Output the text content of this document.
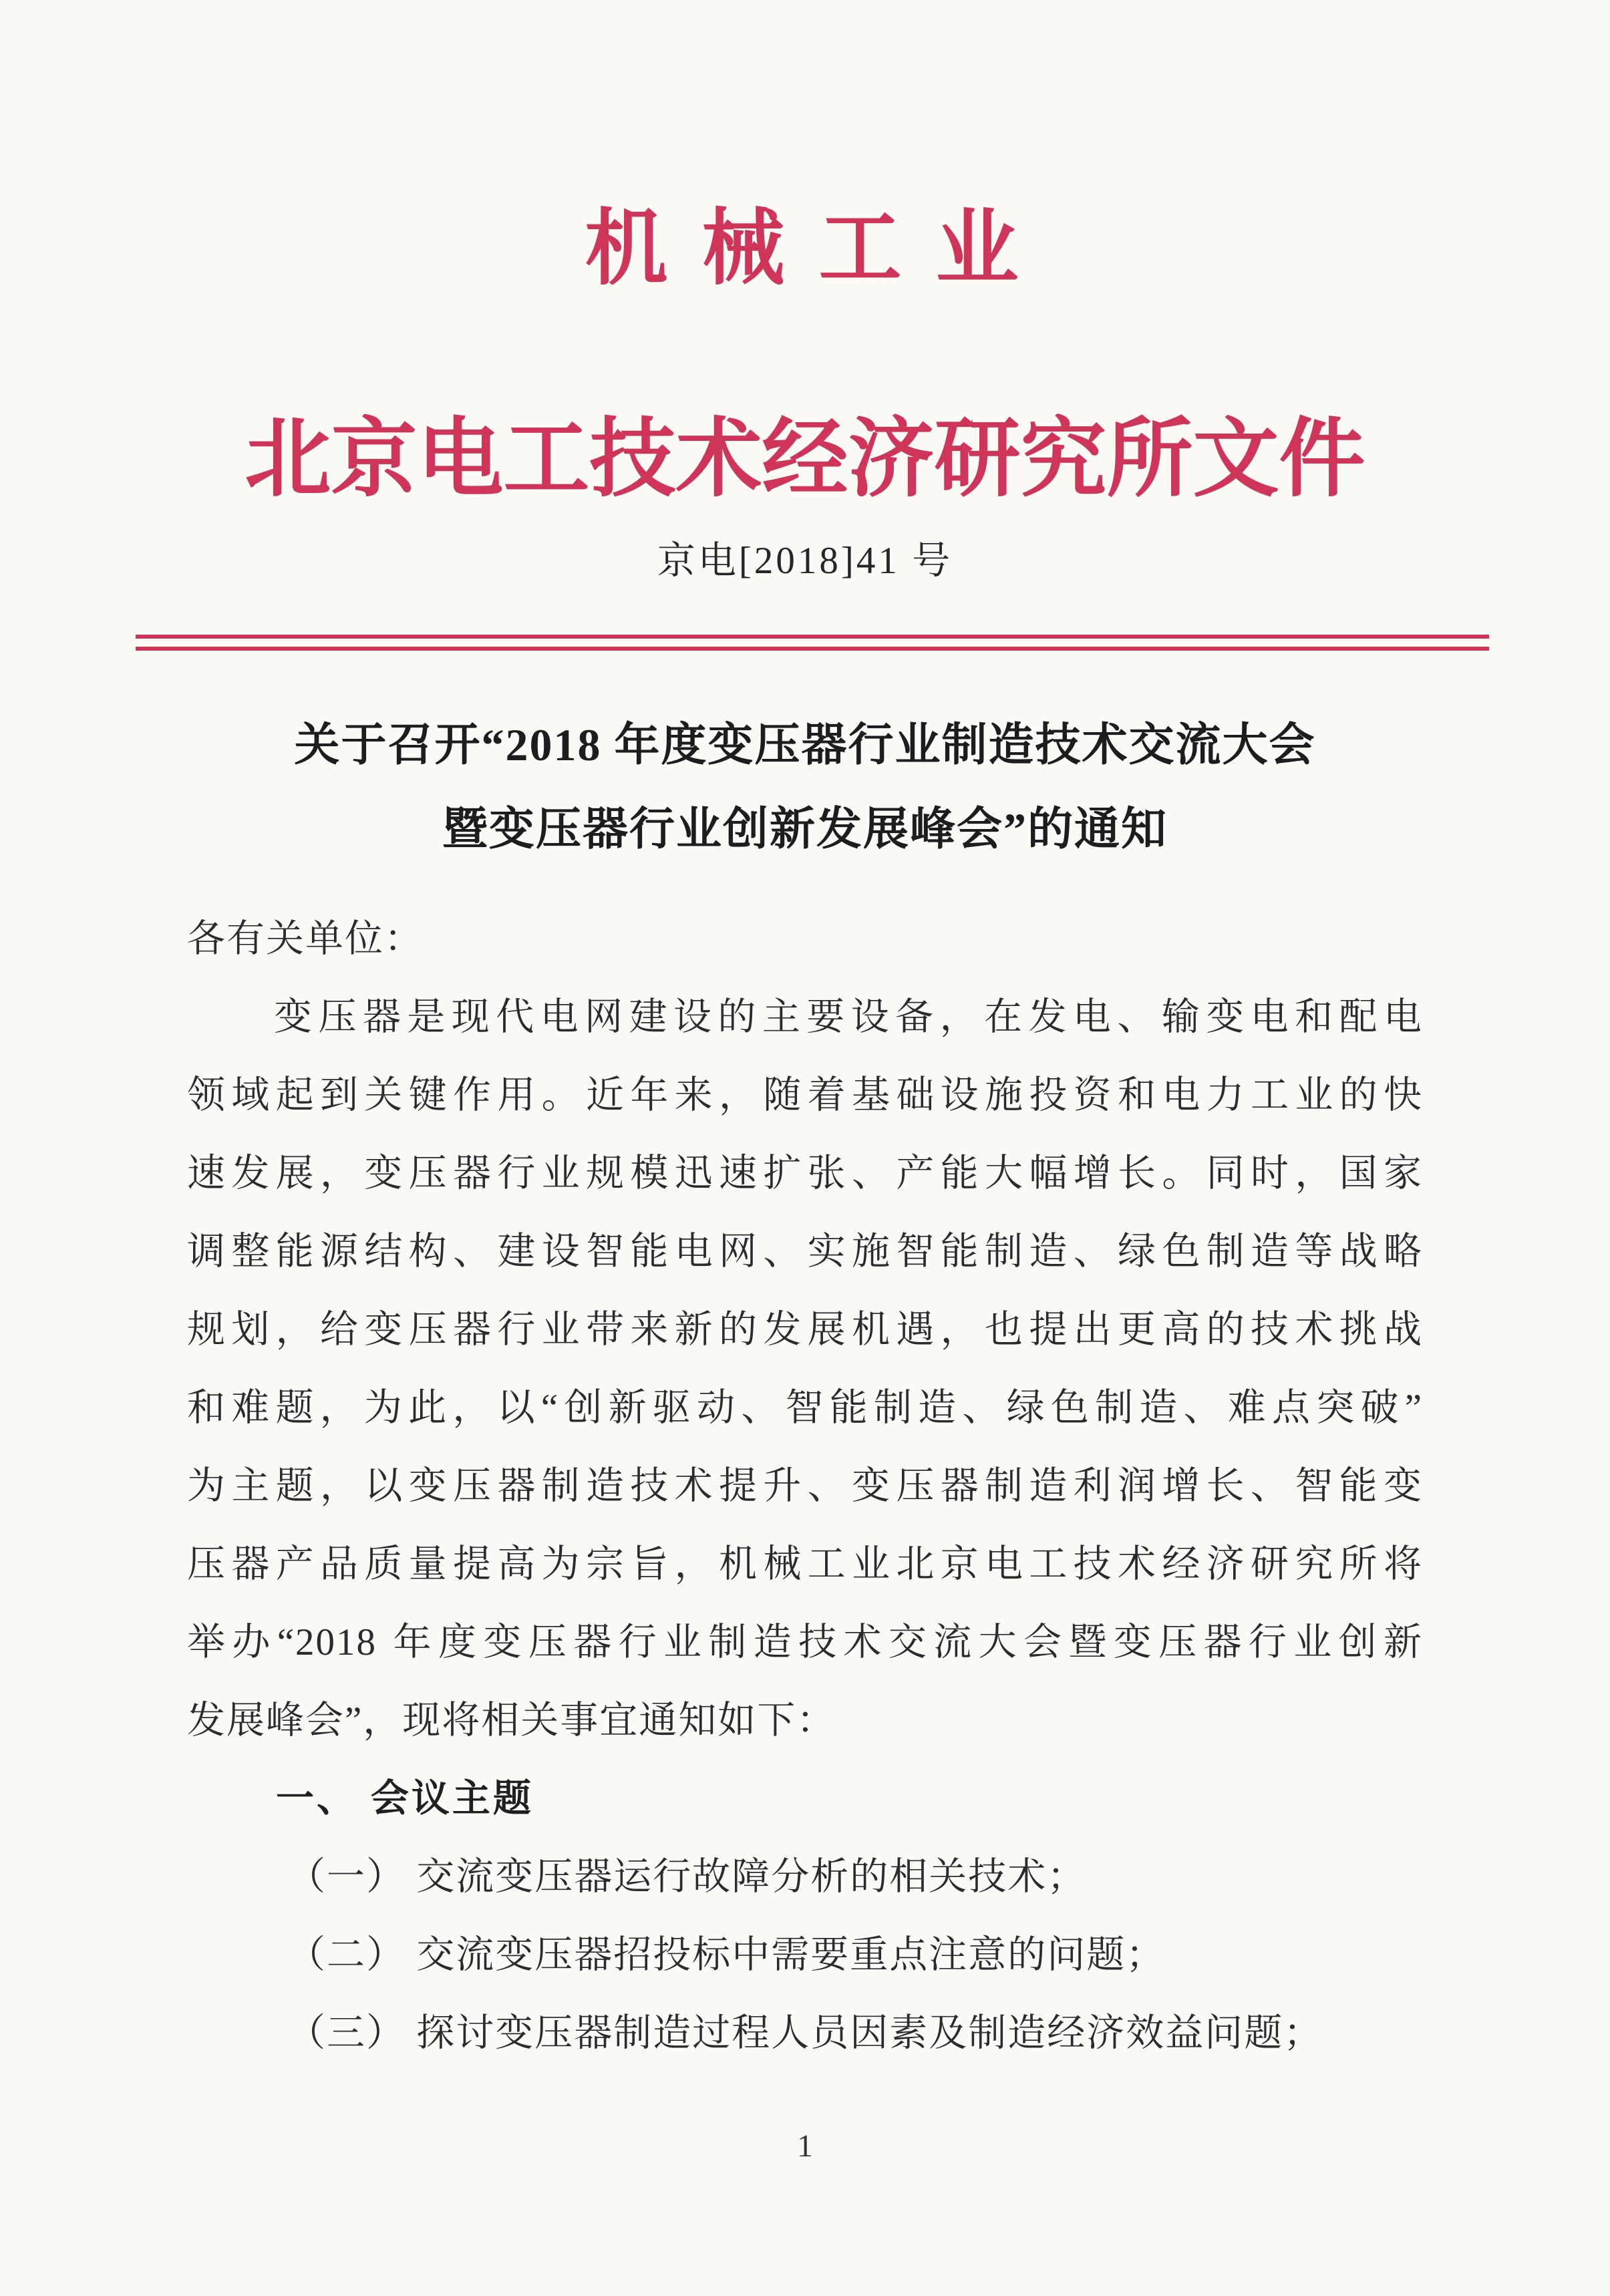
机 械 工 业
北京电工技术经济研究所文件
京电[2018]41 号
关于召开“2018 年度变压器行业制造技术交流大会
暨变压器行业创新发展峰会”的通知
各有关单位：
变压器是现代电网建设的主要设备，在发电、输变电和配电
领域起到关键作用。近年来，随着基础设施投资和电力工业的快
速发展，变压器行业规模迅速扩张、产能大幅增长。同时，国家
调整能源结构、建设智能电网、实施智能制造、绿色制造等战略
规划，给变压器行业带来新的发展机遇，也提出更高的技术挑战
和难题，为此，以“创新驱动、智能制造、绿色制造、难点突破”
为主题，以变压器制造技术提升、变压器制造利润增长、智能变
压器产品质量提高为宗旨，机械工业北京电工技术经济研究所将
举办“2018 年度变压器行业制造技术交流大会暨变压器行业创新
发展峰会”，现将相关事宜通知如下：
一、 会议主题
（一） 交流变压器运行故障分析的相关技术；
（二） 交流变压器招投标中需要重点注意的问题；
（三） 探讨变压器制造过程人员因素及制造经济效益问题；
1
